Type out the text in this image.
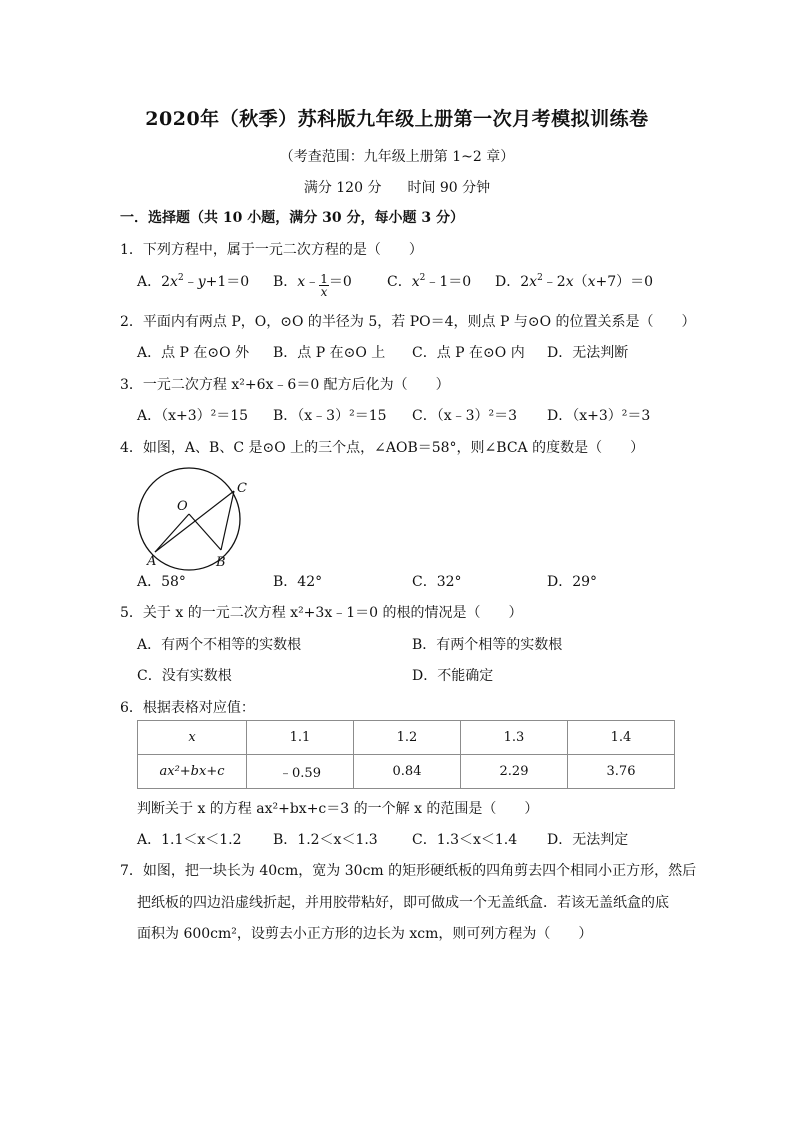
2020年（秋季）苏科版九年级上册第一次月考模拟训练卷
（考查范围：九年级上册第 1~2 章）
满分 120 分 时间 90 分钟
一．选择题（共 10 小题，满分 30 分，每小题 3 分）
1．下列方程中，属于一元二次方程的是（　　）
A．$2x^2﹣y+1=0$ B．x﹣ $\frac{1}{x} =0$	C．$x^2﹣1=0$ D．$2x^2﹣2x(x+7)=0$
2．平面内有两点 P，O，⊙O 的半径为 5，若 PO＝4，则点 P 与⊙O 的位置关系是（　　）
A．点 P 在⊙O 外 B．点 P 在⊙O 上 C．点 P 在⊙O 内 D．无法判断
3．一元二次方程 x²+6x﹣6＝0 配方后化为（　　）
A．（x+3）²＝15 B．（x﹣3）²＝15 C．（x﹣3）²＝3 D．（x+3）²＝3
4．如图，A、B、C 是⊙O 上的三个点，∠AOB＝58°，则∠BCA 的度数是（　　）
O
A	B
C
A．58°	B．42°	C．32°	D．29°
5．关于 x 的一元二次方程 x²+3x﹣1＝0 的根的情况是（　　）
A．有两个不相等的实数根	B．有两个相等的实数根
C．没有实数根	D．不能确定
6．根据表格对应值：
x	1.1	1.2	1.3	1.4
ax²+bx+c	﹣0.59	0.84	2.29	3.76
判断关于 x 的方程 ax²+bx+c＝3 的一个解 x 的范围是（　　）
A．1.1＜x＜1.2 B．1.2＜x＜1.3 C．1.3＜x＜1.4 D．无法判定
7．如图，把一块长为 40cm，宽为 30cm 的矩形硬纸板的四角剪去四个相同小正方形，然后
把纸板的四边沿虚线折起，并用胶带粘好，即可做成一个无盖纸盒．若该无盖纸盒的底
面积为 600cm²，设剪去小正方形的边长为 xcm，则可列方程为（　　）
